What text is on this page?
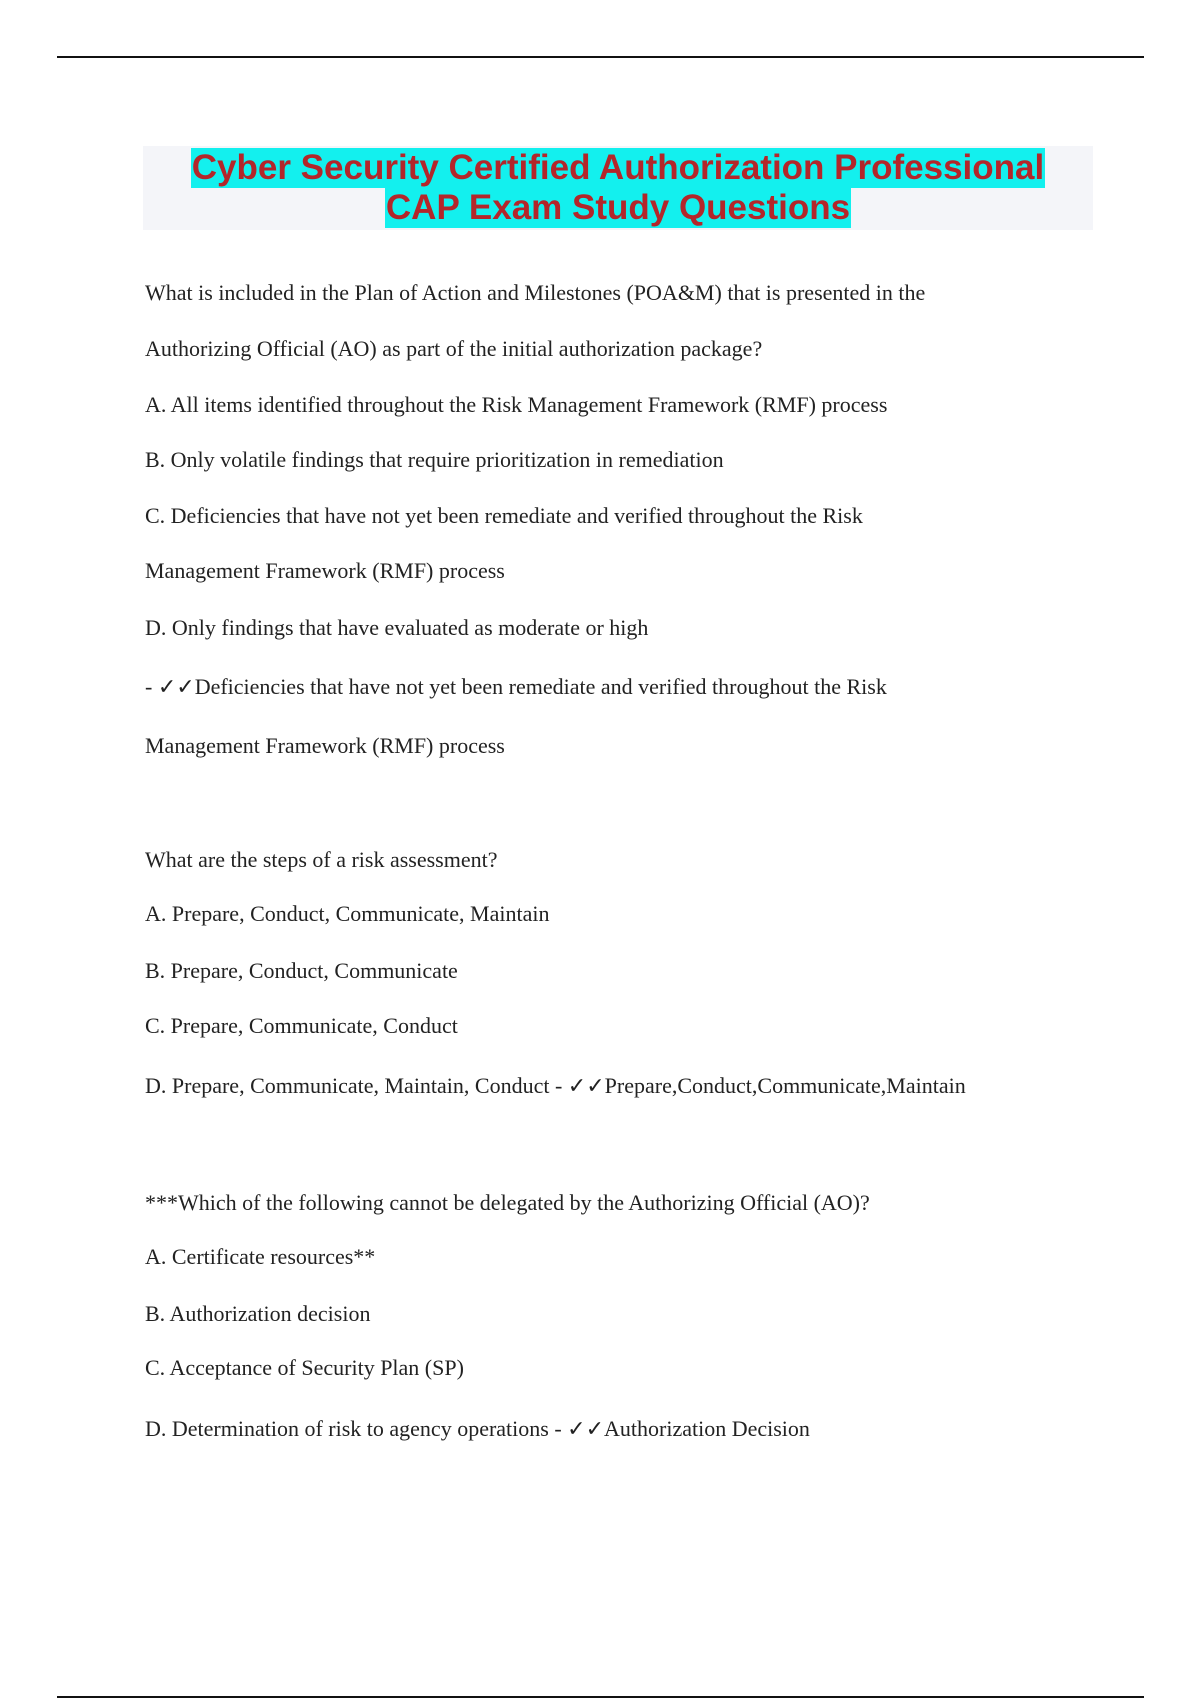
Cyber Security Certified Authorization Professional
CAP Exam Study Questions
What is included in the Plan of Action and Milestones (POA&M) that is presented in the
Authorizing Official (AO) as part of the initial authorization package?
A. All items identified throughout the Risk Management Framework (RMF) process
B. Only volatile findings that require prioritization in remediation
C. Deficiencies that have not yet been remediate and verified throughout the Risk
Management Framework (RMF) process
D. Only findings that have evaluated as moderate or high
- ✓✓Deficiencies that have not yet been remediate and verified throughout the Risk
Management Framework (RMF) process
What are the steps of a risk assessment?
A. Prepare, Conduct, Communicate, Maintain
B. Prepare, Conduct, Communicate
C. Prepare, Communicate, Conduct
D. Prepare, Communicate, Maintain, Conduct - ✓✓Prepare,Conduct,Communicate,Maintain
***Which of the following cannot be delegated by the Authorizing Official (AO)?
A. Certificate resources**
B. Authorization decision
C. Acceptance of Security Plan (SP)
D. Determination of risk to agency operations - ✓✓Authorization Decision
